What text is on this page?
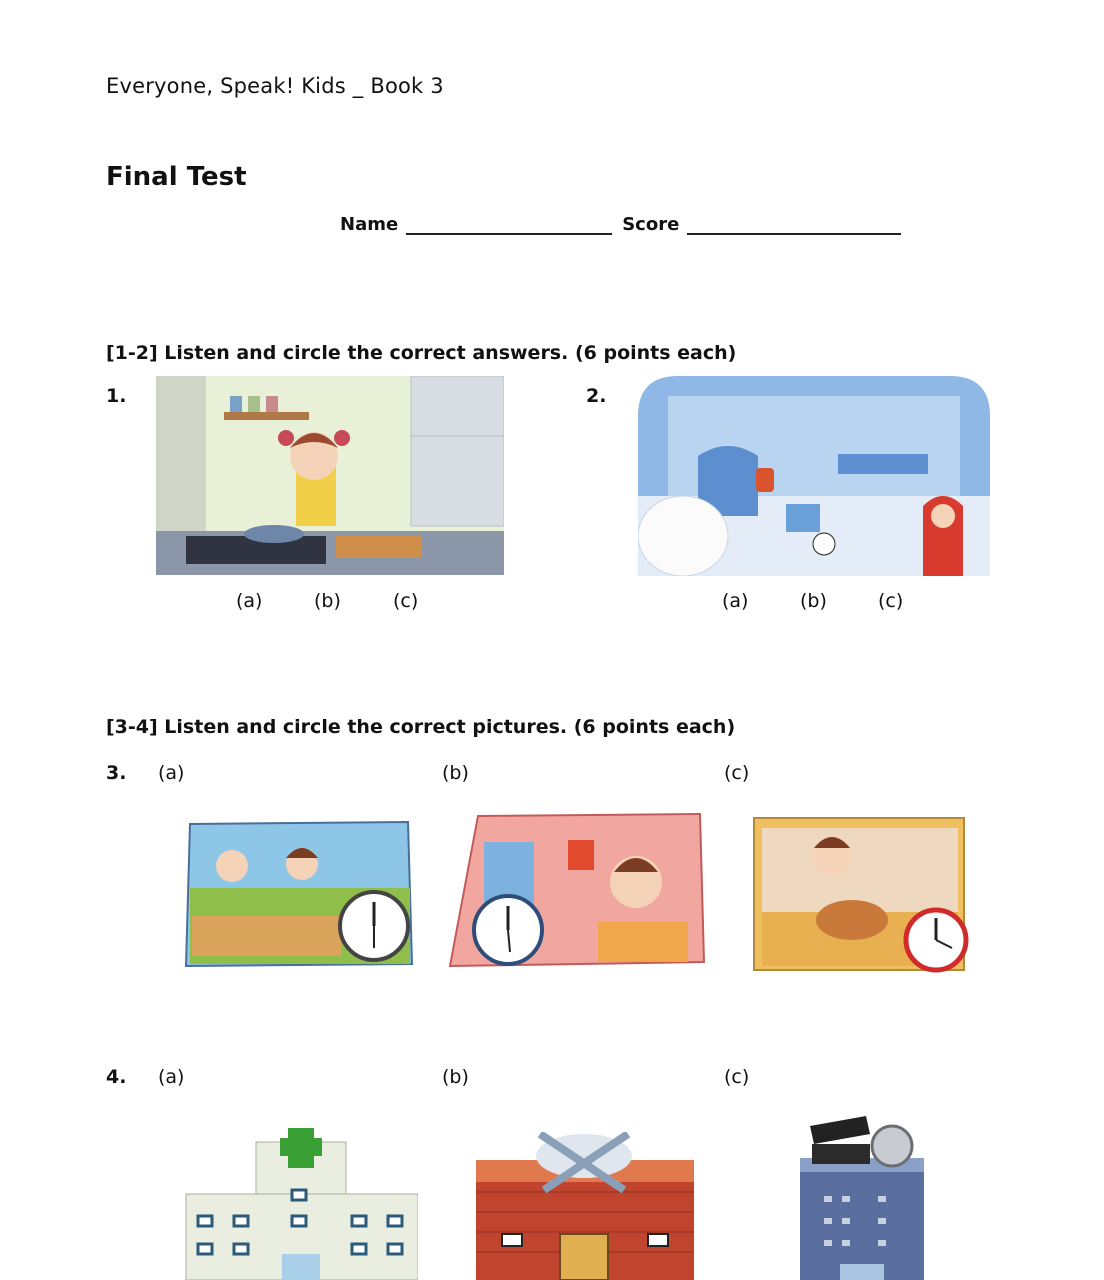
Everyone, Speak! Kids _ Book 3
Final Test
Name	Score
[1-2] Listen and circle the correct answers. (6 points each)
1.
(a)	(b)	(c)
2.
(a)	(b)	(c)
[3-4] Listen and circle the correct pictures. (6 points each)
3. (a)	(b)	(c)
4. (a)	(b)	(c)
